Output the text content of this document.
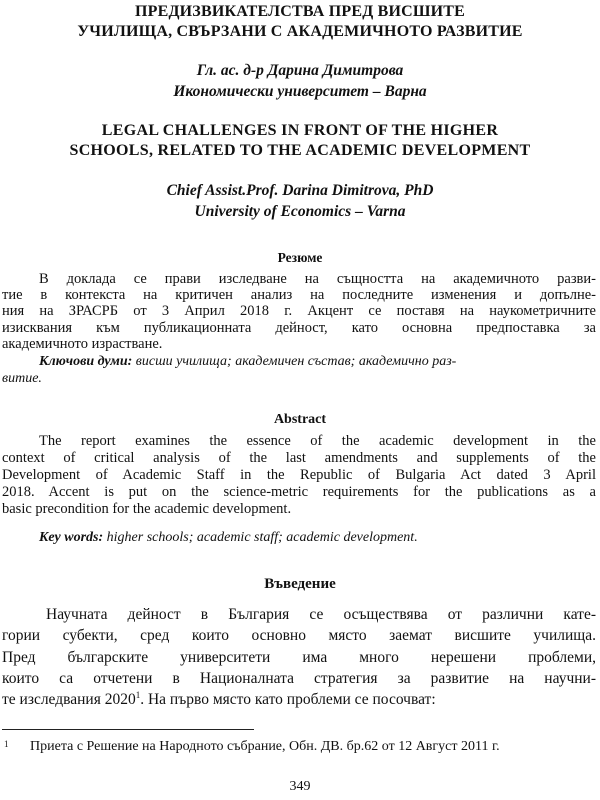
ПРЕДИЗВИКАТЕЛСТВА ПРЕД ВИСШИТЕ
УЧИЛИЩА, СВЪРЗАНИ С АКАДЕМИЧНОТО РАЗВИТИЕ
Гл. ас. д-р Дарина Димитрова
Икономически университет – Варна
LEGAL CHALLENGES IN FRONT OF THE HIGHER
SCHOOLS, RELATED TO THE ACADEMIC DEVELOPMENT
Chief Assist.Prof. Darina Dimitrova, PhD
University of Economics – Varna
Резюме
В доклада се прави изследване на същността на академичното разви-
тие в контекста на критичен анализ на последните изменения и допълне-
ния на ЗРАСРБ от 3 Април 2018 г. Акцент се поставя на наукометричните
изисквания към публикационната дейност, като основна предпоставка за
академичното израстване.
Ключови думи: висши училища; академичен състав; академично раз-
витие.
Abstract
The report examines the essence of the academic development in the
context of critical analysis of the last amendments and supplements of the
Development of Academic Staff in the Republic of Bulgaria Act dated 3 April
2018. Accent is put on the science-metric requirements for the publications as a
basic precondition for the academic development.
Key words: higher schools; academic staff; academic development.
Въведение
Научната дейност в България се осъществява от различни кате-
гории субекти, сред които основно място заемат висшите училища.
Пред българските университети има много нерешени проблеми,
които са отчетени в Националната стратегия за развитие на научни-
те изследвания 2020$^1$. На първо място като проблеми се посочват:
1	Приета с Решение на Народното събрание, Обн. ДВ. бр.62 от 12 Август 2011 г.
349
